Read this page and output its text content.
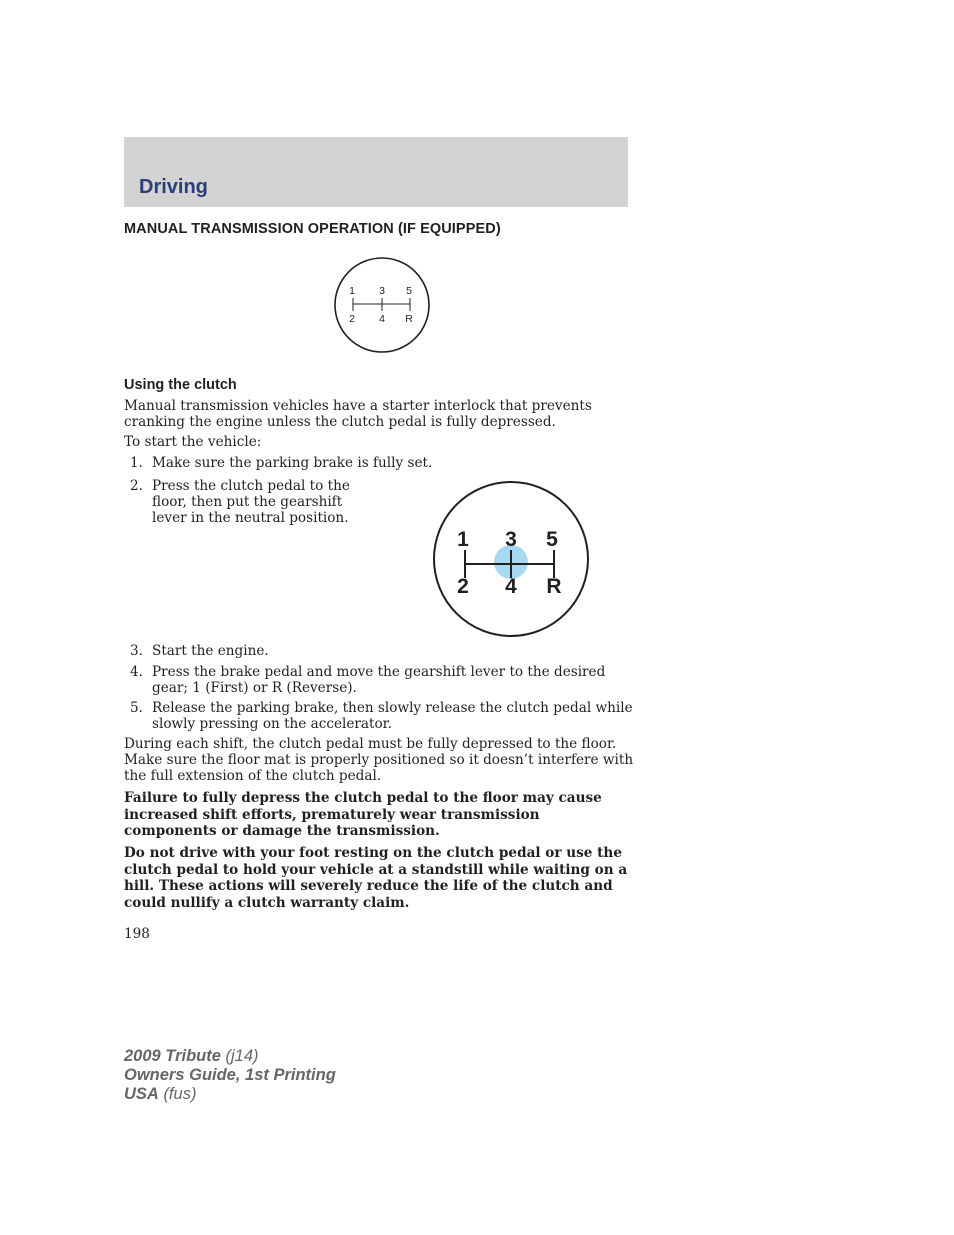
Driving
MANUAL TRANSMISSION OPERATION (IF EQUIPPED)
1 3 5
2 4 R
Using the clutch

Manual transmission vehicles have a starter interlock that prevents
cranking the engine unless the clutch pedal is fully depressed.

To start the vehicle:

1. Make sure the parking brake is fully set.
2. Press the clutch pedal to the
floor, then put the gearshift
lever in the neutral position.
1 3 5
2 4 R
3. Start the engine.
4. Press the brake pedal and move the gearshift lever to the desired
gear; 1 (First) or R (Reverse).
5. Release the parking brake, then slowly release the clutch pedal while
slowly pressing on the accelerator.

During each shift, the clutch pedal must be fully depressed to the floor.
Make sure the floor mat is properly positioned so it doesn’t interfere with
the full extension of the clutch pedal.

Failure to fully depress the clutch pedal to the floor may cause
increased shift efforts, prematurely wear transmission
components or damage the transmission.

Do not drive with your foot resting on the clutch pedal or use the
clutch pedal to hold your vehicle at a standstill while waiting on a
hill. These actions will severely reduce the life of the clutch and
could nullify a clutch warranty claim.

198
2009 Tribute (j14)
Owners Guide, 1st Printing
USA (fus)
